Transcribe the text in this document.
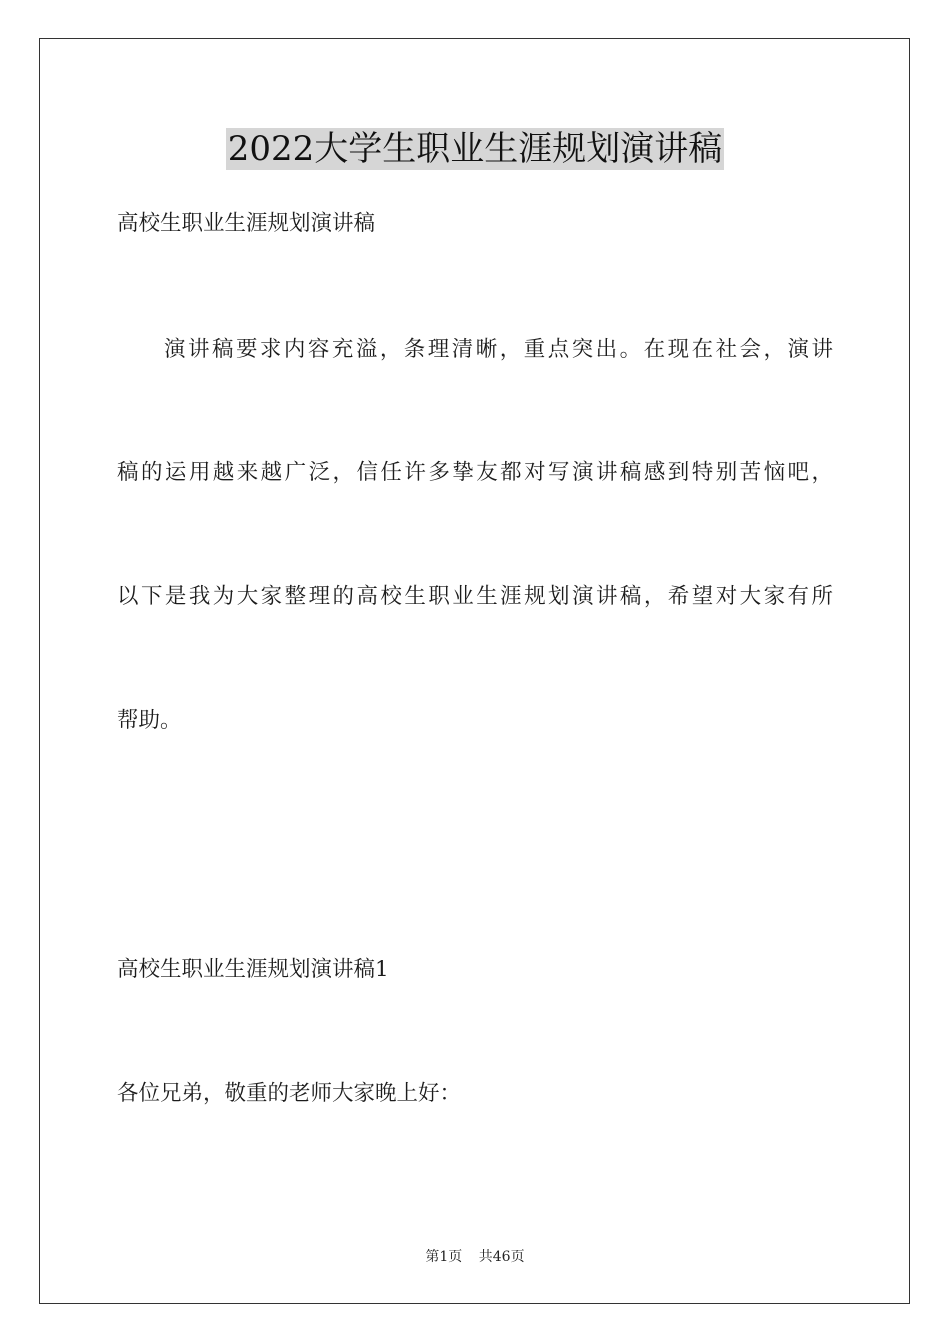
2022大学生职业生涯规划演讲稿
高校生职业生涯规划演讲稿
演讲稿要求内容充溢，条理清晰，重点突出。在现在社会，演讲
稿的运用越来越广泛，信任许多挚友都对写演讲稿感到特别苦恼吧，
以下是我为大家整理的高校生职业生涯规划演讲稿，希望对大家有所
帮助。
高校生职业生涯规划演讲稿1
各位兄弟，敬重的老师大家晚上好：
第1页 共46页
